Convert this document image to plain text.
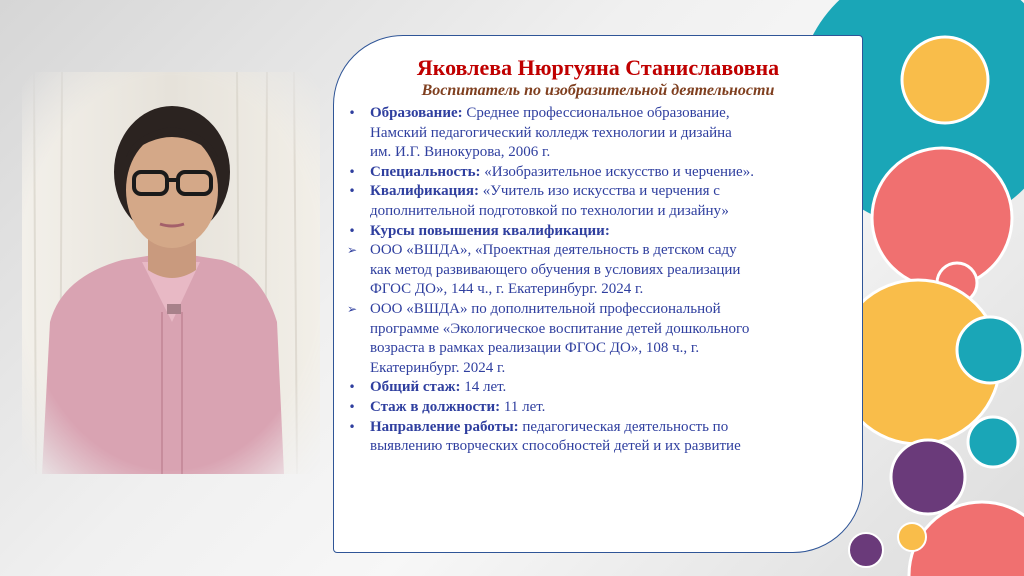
Яковлева Нюргуяна Станиславовна
Воспитатель по изобразительной деятельности
• Образование: Среднее профессиональное образование,
Намский педагогический колледж технологии и дизайна
им. И.Г. Винокурова, 2006 г.
• Специальность: «Изобразительное искусство и черчение».
• Квалификация: «Учитель изо искусства и черчения с
дополнительной подготовкой по технологии и дизайну»
• Курсы повышения квалификации:
➢ ООО «ВШДА», «Проектная деятельность в детском саду
как метод развивающего обучения в условиях реализации
ФГОС ДО», 144 ч., г. Екатеринбург. 2024 г.
➢ ООО «ВШДА» по дополнительной профессиональной
программе «Экологическое воспитание детей дошкольного
возраста в рамках реализации ФГОС ДО», 108 ч., г.
Екатеринбург. 2024 г.
• Общий стаж: 14 лет.
• Стаж в должности: 11 лет.
• Направление работы: педагогическая деятельность по
выявлению творческих способностей детей и их развитие
